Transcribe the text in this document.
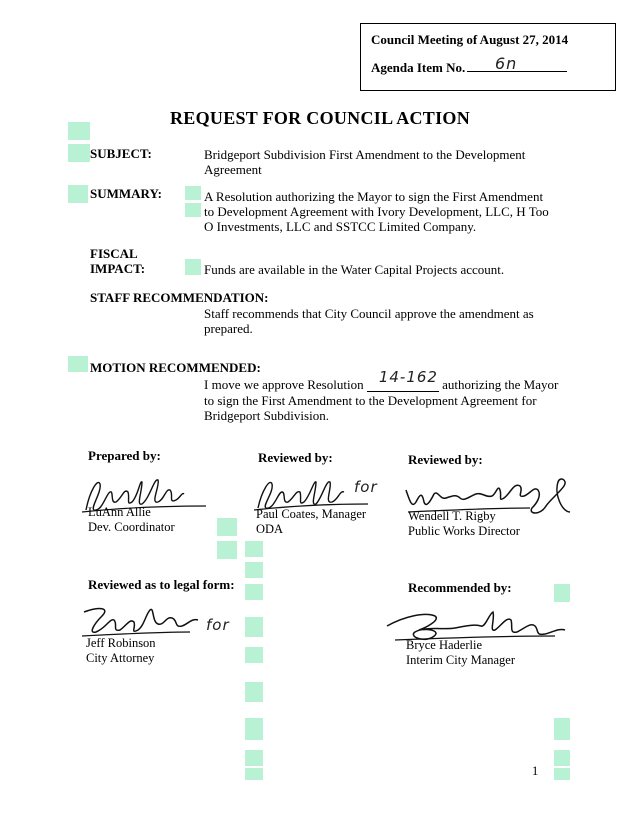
Council Meeting of August 27, 2014
Agenda Item No. 6n
REQUEST FOR COUNCIL ACTION
SUBJECT:	Bridgeport Subdivision First Amendment to the Development
Agreement
SUMMARY:	A Resolution authorizing the Mayor to sign the First Amendment
to Development Agreement with Ivory Development, LLC, H Too
O Investments, LLC and SSTCC Limited Company.
FISCAL
IMPACT:	Funds are available in the Water Capital Projects account.
STAFF RECOMMENDATION:
Staff recommends that City Council approve the amendment as
prepared.
MOTION RECOMMENDED:
I move we approve Resolution 14-162 authorizing the Mayor
to sign the First Amendment to the Development Agreement for
Bridgeport Subdivision.
Prepared by:	Reviewed by:	Reviewed by:
LuAnn Allie
Dev. Coordinator
for
Paul Coates, Manager
ODA
Wendell T. Rigby
Public Works Director
Reviewed as to legal form:	Recommended by:
for
Jeff Robinson
City Attorney
Bryce Haderlie
Interim City Manager
1
